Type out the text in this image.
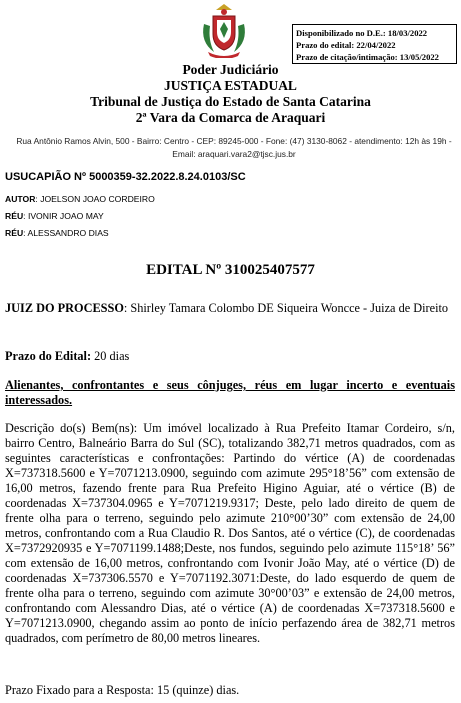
Disponibilizado no D.E.: 18/03/2022
Prazo do edital: 22/04/2022
Prazo de citação/intimação: 13/05/2022
Poder Judiciário
JUSTIÇA ESTADUAL
Tribunal de Justiça do Estado de Santa Catarina
2ª Vara da Comarca de Araquari
Rua Antônio Ramos Alvin, 500 - Bairro: Centro - CEP: 89245-000 - Fone: (47) 3130-8062 - atendimento: 12h às 19h - Email: araquari.vara2@tjsc.jus.br
USUCAPIÃO Nº 5000359-32.2022.8.24.0103/SC
AUTOR: JOELSON JOAO CORDEIRO
RÉU: IVONIR JOAO MAY
RÉU: ALESSANDRO DIAS
EDITAL Nº 310025407577
JUIZ DO PROCESSO: Shirley Tamara Colombo DE Siqueira Woncce - Juiza de Direito
Prazo do Edital: 20 dias
Alienantes, confrontantes e seus cônjuges, réus em lugar incerto e eventuais interessados.
Descrição do(s) Bem(ns): Um imóvel localizado à Rua Prefeito Itamar Cordeiro, s/n, bairro Centro, Balneário Barra do Sul (SC), totalizando 382,71 metros quadrados, com as seguintes características e confrontações: Partindo do vértice (A) de coordenadas X=737318.5600 e Y=7071213.0900, seguindo com azimute 295°18’56” com extensão de 16,00 metros, fazendo frente para Rua Prefeito Higino Aguiar, até o vértice (B) de coordenadas X=737304.0965 e Y=7071219.9317; Deste, pelo lado direito de quem de frente olha para o terreno, seguindo pelo azimute 210°00’30” com extensão de 24,00 metros, confrontando com a Rua Claudio R. Dos Santos, até o vértice (C), de coordenadas X=7372920935 e Y=7071199.1488;Deste, nos fundos, seguindo pelo azimute 115°18’ 56” com extensão de 16,00 metros, confrontando com Ivonir João May, até o vértice (D) de coordenadas X=737306.5570 e Y=7071192.3071:Deste, do lado esquerdo de quem de frente olha para o terreno, seguindo com azimute 30°00’03” e extensão de 24,00 metros, confrontando com Alessandro Dias, até o vértice (A) de coordenadas X=737318.5600 e Y=7071213.0900, chegando assim ao ponto de início perfazendo área de 382,71 metros quadrados, com perímetro de 80,00 metros lineares.
Prazo Fixado para a Resposta: 15 (quinze) dias.
